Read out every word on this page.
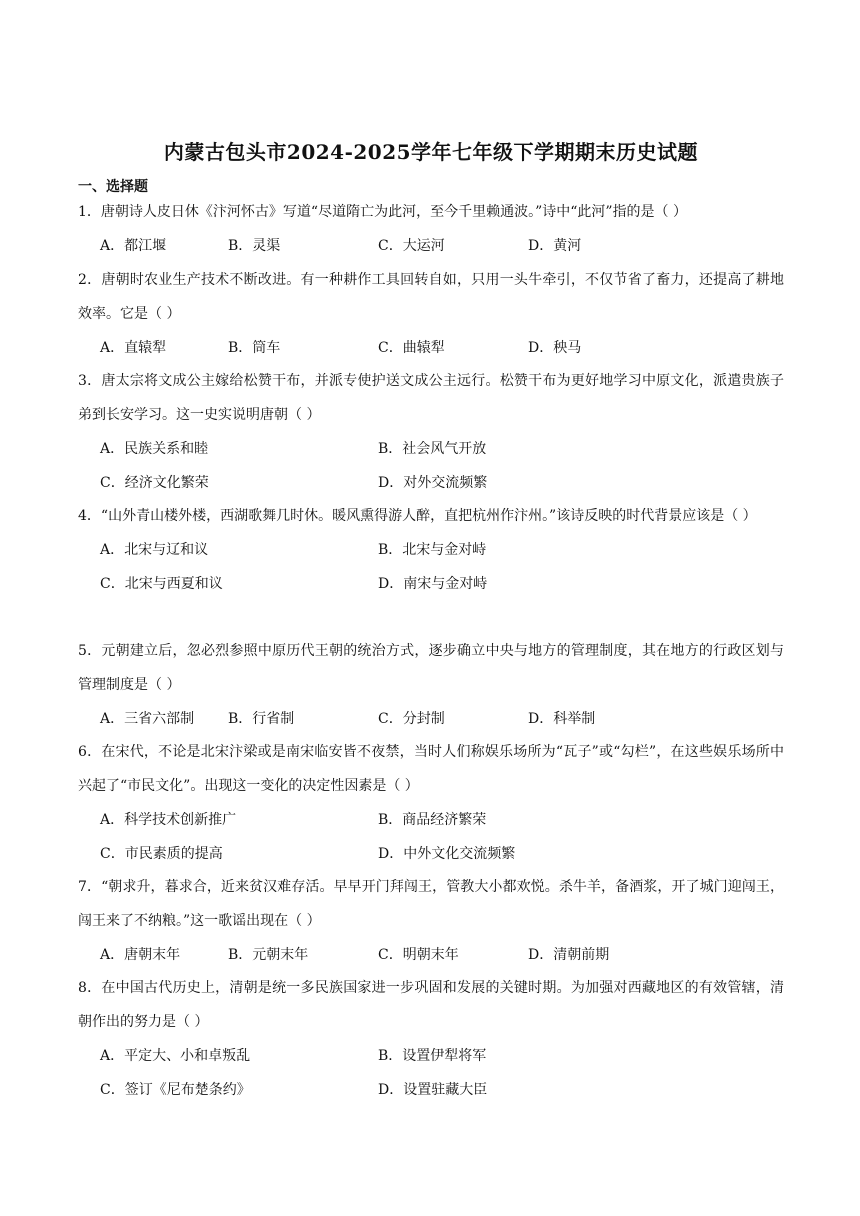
内蒙古包头市2024-2025学年七年级下学期期末历史试题
一、选择题

1．唐朝诗人皮日休《汴河怀古》写道“尽道隋亡为此河，至今千里赖通波。”诗中“此河”指的是（ ）

A．都江堰	B．灵渠	C．大运河	D．黄河

2．唐朝时农业生产技术不断改进。有一种耕作工具回转自如，只用一头牛牵引，不仅节省了畜力，还提高了耕地效率。它是（ ）

A．直辕犁	B．筒车	C．曲辕犁	D．秧马

3．唐太宗将文成公主嫁给松赞干布，并派专使护送文成公主远行。松赞干布为更好地学习中原文化，派遣贵族子弟到长安学习。这一史实说明唐朝（ ）

A．民族关系和睦	B．社会风气开放
C．经济文化繁荣	D．对外交流频繁

4．“山外青山楼外楼，西湖歌舞几时休。暖风熏得游人醉，直把杭州作汴州。”该诗反映的时代背景应该是（ ）

A．北宋与辽和议	B．北宋与金对峙
C．北宋与西夏和议	D．南宋与金对峙

5．元朝建立后，忽必烈参照中原历代王朝的统治方式，逐步确立中央与地方的管理制度，其在地方的行政区划与管理制度是（ ）

A．三省六部制	B．行省制	C．分封制	D．科举制

6．在宋代，不论是北宋汴梁或是南宋临安皆不夜禁，当时人们称娱乐场所为“瓦子”或“勾栏”，在这些娱乐场所中兴起了“市民文化”。出现这一变化的决定性因素是（ ）

A．科学技术创新推广	B．商品经济繁荣
C．市民素质的提高	D．中外文化交流频繁

7．“朝求升，暮求合，近来贫汉难存活。早早开门拜闯王，管教大小都欢悦。杀牛羊，备酒浆，开了城门迎闯王，闯王来了不纳粮。”这一歌谣出现在（ ）

A．唐朝末年	B．元朝末年	C．明朝末年	D．清朝前期

8．在中国古代历史上，清朝是统一多民族国家进一步巩固和发展的关键时期。为加强对西藏地区的有效管辖，清朝作出的努力是（ ）

A．平定大、小和卓叛乱	B．设置伊犁将军
C．签订《尼布楚条约》	D．设置驻藏大臣
